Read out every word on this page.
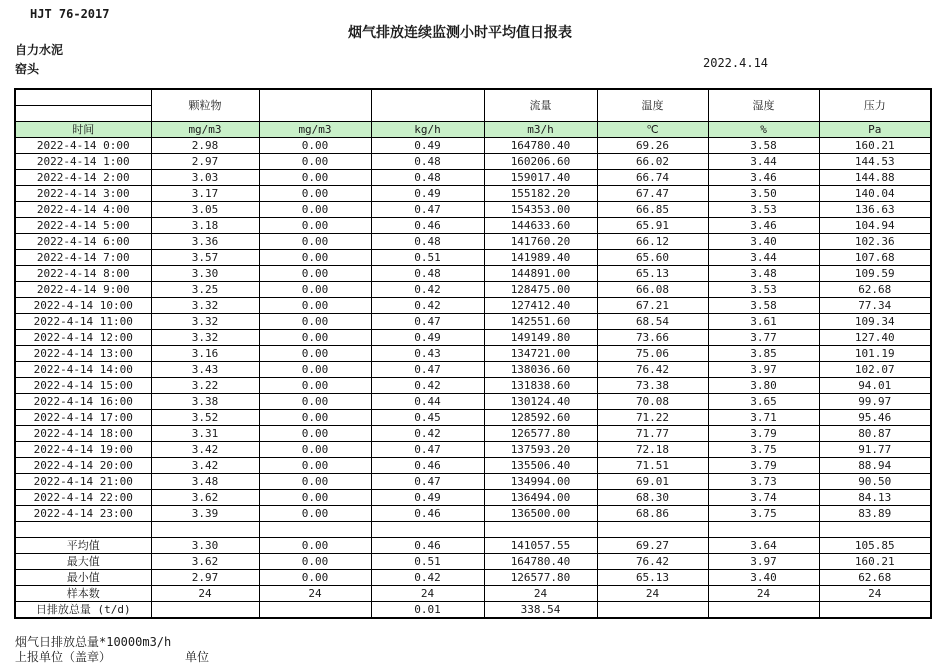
HJT 76-2017
烟气排放连续监测小时平均值日报表
自力水泥
窑头	2022.4.14
	颗粒物			流量	温度	湿度	压力

时间	mg/m3	mg/m3	kg/h	m3/h	℃	%	Pa
2022-4-14 0:00	2.98	0.00	0.49	164780.40	69.26	3.58	160.21
2022-4-14 1:00	2.97	0.00	0.48	160206.60	66.02	3.44	144.53
2022-4-14 2:00	3.03	0.00	0.48	159017.40	66.74	3.46	144.88
2022-4-14 3:00	3.17	0.00	0.49	155182.20	67.47	3.50	140.04
2022-4-14 4:00	3.05	0.00	0.47	154353.00	66.85	3.53	136.63
2022-4-14 5:00	3.18	0.00	0.46	144633.60	65.91	3.46	104.94
2022-4-14 6:00	3.36	0.00	0.48	141760.20	66.12	3.40	102.36
2022-4-14 7:00	3.57	0.00	0.51	141989.40	65.60	3.44	107.68
2022-4-14 8:00	3.30	0.00	0.48	144891.00	65.13	3.48	109.59
2022-4-14 9:00	3.25	0.00	0.42	128475.00	66.08	3.53	62.68
2022-4-14 10:00	3.32	0.00	0.42	127412.40	67.21	3.58	77.34
2022-4-14 11:00	3.32	0.00	0.47	142551.60	68.54	3.61	109.34
2022-4-14 12:00	3.32	0.00	0.49	149149.80	73.66	3.77	127.40
2022-4-14 13:00	3.16	0.00	0.43	134721.00	75.06	3.85	101.19
2022-4-14 14:00	3.43	0.00	0.47	138036.60	76.42	3.97	102.07
2022-4-14 15:00	3.22	0.00	0.42	131838.60	73.38	3.80	94.01
2022-4-14 16:00	3.38	0.00	0.44	130124.40	70.08	3.65	99.97
2022-4-14 17:00	3.52	0.00	0.45	128592.60	71.22	3.71	95.46
2022-4-14 18:00	3.31	0.00	0.42	126577.80	71.77	3.79	80.87
2022-4-14 19:00	3.42	0.00	0.47	137593.20	72.18	3.75	91.77
2022-4-14 20:00	3.42	0.00	0.46	135506.40	71.51	3.79	88.94
2022-4-14 21:00	3.48	0.00	0.47	134994.00	69.01	3.73	90.50
2022-4-14 22:00	3.62	0.00	0.49	136494.00	68.30	3.74	84.13
2022-4-14 23:00	3.39	0.00	0.46	136500.00	68.86	3.75	83.89

平均值	3.30	0.00	0.46	141057.55	69.27	3.64	105.85
最大值	3.62	0.00	0.51	164780.40	76.42	3.97	160.21
最小值	2.97	0.00	0.42	126577.80	65.13	3.40	62.68
样本数	24	24	24	24	24	24	24
日排放总量 (t/d)			0.01	338.54			
烟气日排放总量*10000m3/h
上报单位（盖章）	单位
